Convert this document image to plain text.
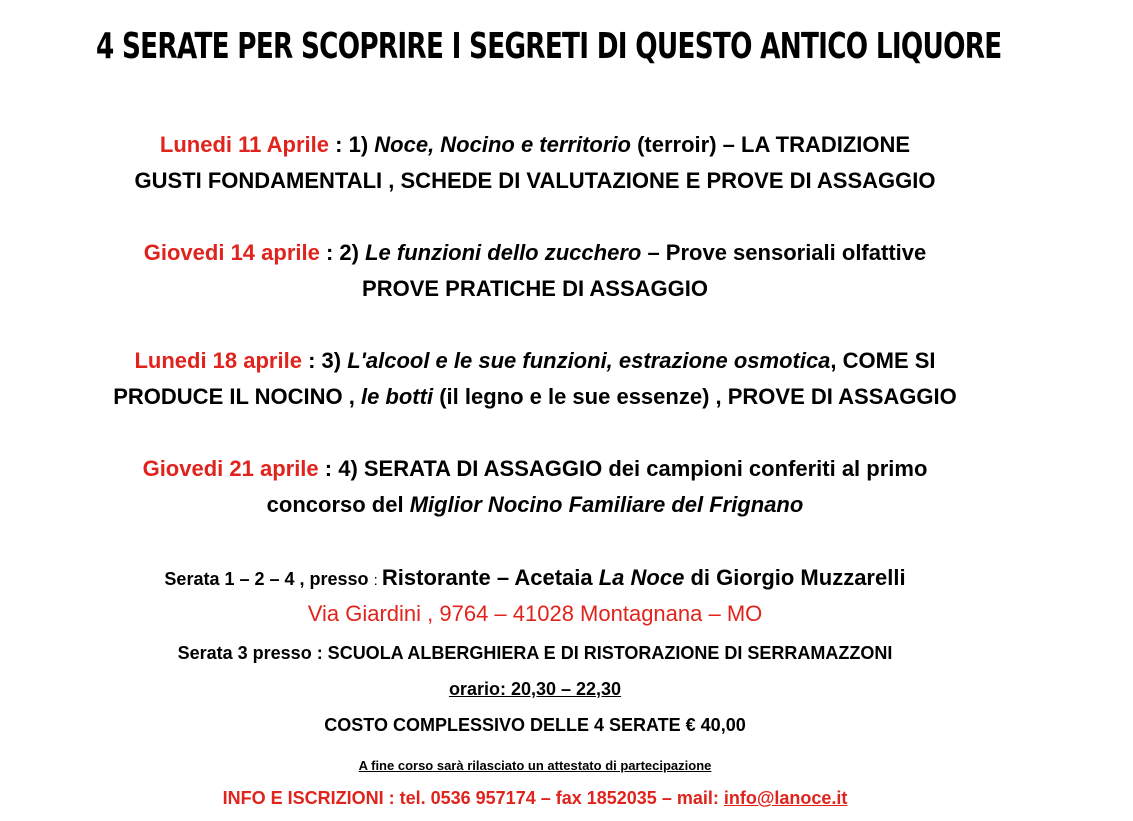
4 SERATE PER SCOPRIRE I SEGRETI DI QUESTO ANTICO LIQUORE
Lunedi 11 Aprile : 1) Noce, Nocino e territorio (terroir) – LA TRADIZIONE
GUSTI FONDAMENTALI , SCHEDE DI VALUTAZIONE E PROVE DI ASSAGGIO
Giovedi 14 aprile : 2) Le funzioni dello zucchero – Prove sensoriali olfattive
PROVE PRATICHE DI ASSAGGIO
Lunedi 18 aprile : 3) L'alcool e le sue funzioni, estrazione osmotica, COME SI
PRODUCE IL NOCINO , le botti (il legno e le sue essenze) , PROVE DI ASSAGGIO
Giovedi 21 aprile : 4) SERATA DI ASSAGGIO dei campioni conferiti al primo
concorso del Miglior Nocino Familiare del Frignano
Serata 1 – 2 – 4 , presso : Ristorante – Acetaia La Noce di Giorgio Muzzarelli
Via Giardini , 9764 – 41028 Montagnana – MO
Serata 3 presso : SCUOLA ALBERGHIERA E DI RISTORAZIONE DI SERRAMAZZONI
orario: 20,30 – 22,30
COSTO COMPLESSIVO DELLE 4 SERATE € 40,00
A fine corso sarà rilasciato un attestato di partecipazione
INFO E ISCRIZIONI : tel. 0536 957174 – fax 1852035 – mail: info@lanoce.it
